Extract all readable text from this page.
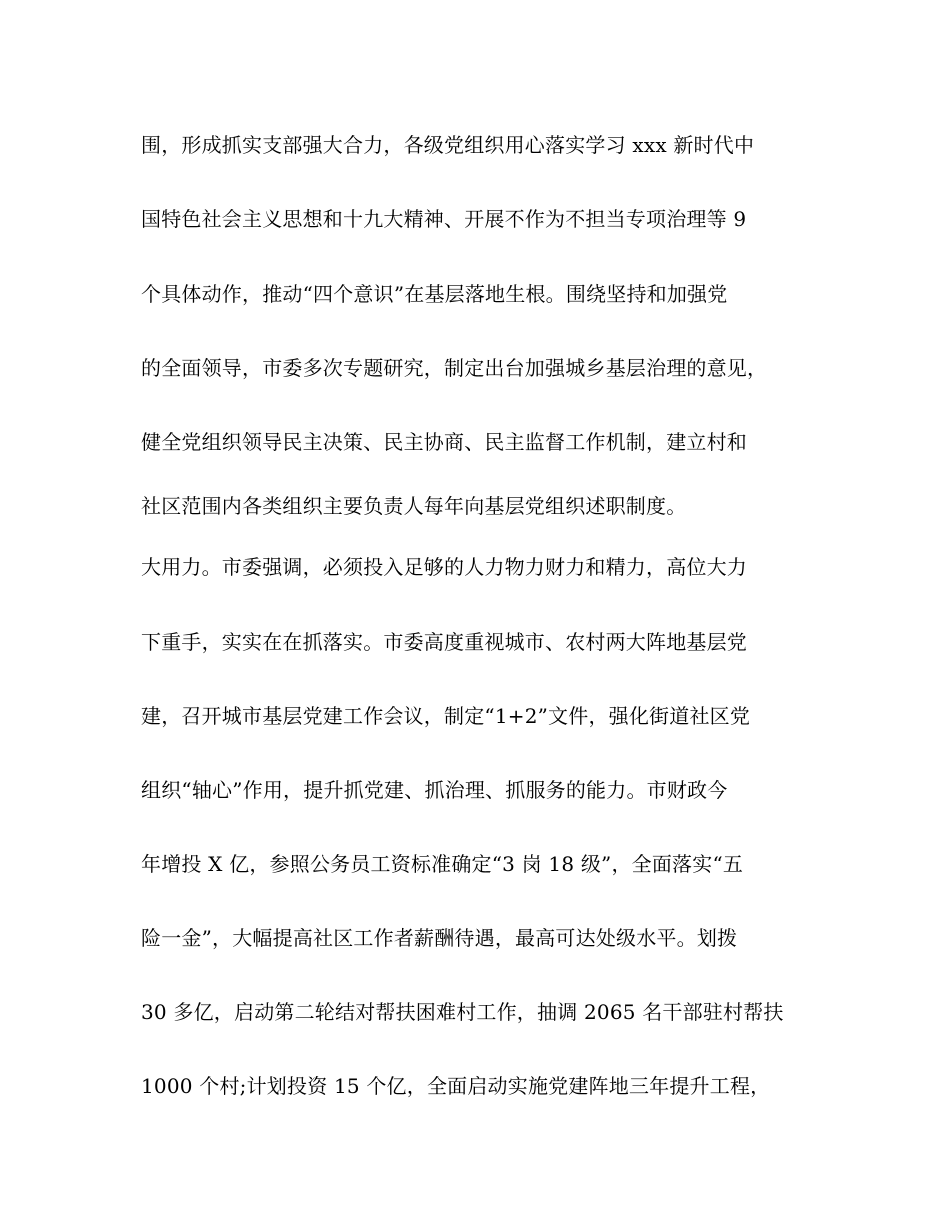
围，形成抓实支部强大合力，各级党组织用心落实学习 xxx 新时代中
国特色社会主义思想和十九大精神、开展不作为不担当专项治理等 9
个具体动作，推动“四个意识”在基层落地生根。围绕坚持和加强党
的全面领导，市委多次专题研究，制定出台加强城乡基层治理的意见，
健全党组织领导民主决策、民主协商、民主监督工作机制，建立村和
社区范围内各类组织主要负责人每年向基层党组织述职制度。
大用力。市委强调，必须投入足够的人力物力财力和精力，高位大力
下重手，实实在在抓落实。市委高度重视城市、农村两大阵地基层党
建，召开城市基层党建工作会议，制定“1+2”文件，强化街道社区党
组织“轴心”作用，提升抓党建、抓治理、抓服务的能力。市财政今
年增投 X 亿，参照公务员工资标准确定“3 岗 18 级”，全面落实“五
险一金”，大幅提高社区工作者薪酬待遇，最高可达处级水平。划拨
30 多亿，启动第二轮结对帮扶困难村工作，抽调 2065 名干部驻村帮扶
1000 个村;计划投资 15 个亿，全面启动实施党建阵地三年提升工程，
